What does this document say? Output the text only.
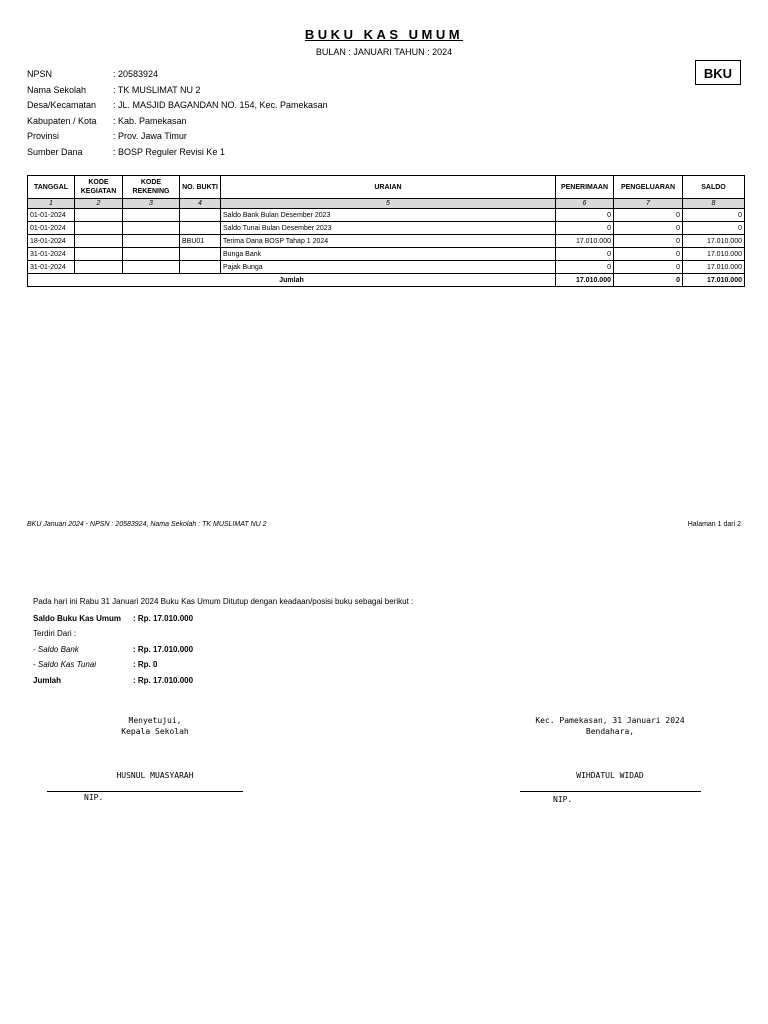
BUKU KAS UMUM
BULAN : JANUARI TAHUN : 2024
BKU
NPSN	: 20583924
Nama Sekolah	: TK MUSLIMAT NU 2
Desa/Kecamatan	: JL. MASJID BAGANDAN NO. 154, Kec. Pamekasan
Kabupaten / Kota	: Kab. Pamekasan
Provinsi	: Prov. Jawa Timur
Sumber Dana	: BOSP Reguler Revisi Ke 1
TANGGAL	KODE KEGIATAN	KODE REKENING	NO. BUKTI	URAIAN	PENERIMAAN	PENGELUARAN	SALDO
1	2	3	4	5	6	7	8
01-01-2024				Saldo Bank Bulan Desember 2023	0	0	0
01-01-2024				Saldo Tunai Bulan Desember 2023	0	0	0
18-01-2024			BBU01	Terima Dana BOSP Tahap 1 2024	17.010.000	0	17.010.000
31-01-2024				Bunga Bank	0	0	17.010.000
31-01-2024				Pajak Bunga	0	0	17.010.000
Jumlah					17.010.000	0	17.010.000
BKU Januari 2024 - NPSN : 20583924, Nama Sekolah : TK MUSLIMAT NU 2	Halaman 1 dari 2
Pada hari ini Rabu 31 Januari 2024 Buku Kas Umum Ditutup dengan keadaan/posisi buku sebagai berikut :
Saldo Buku Kas Umum : Rp. 17.010.000
Terdiri Dari :
- Saldo Bank	: Rp. 17.010.000
- Saldo Kas Tunai	: Rp. 0
Jumlah	: Rp. 17.010.000
Menyetujui,
Kepala Sekolah
HUSNUL MUASYARAH
NIP.
Kec. Pamekasan, 31 Januari 2024
Bendahara,
WIHDATUL WIDAD
NIP.
